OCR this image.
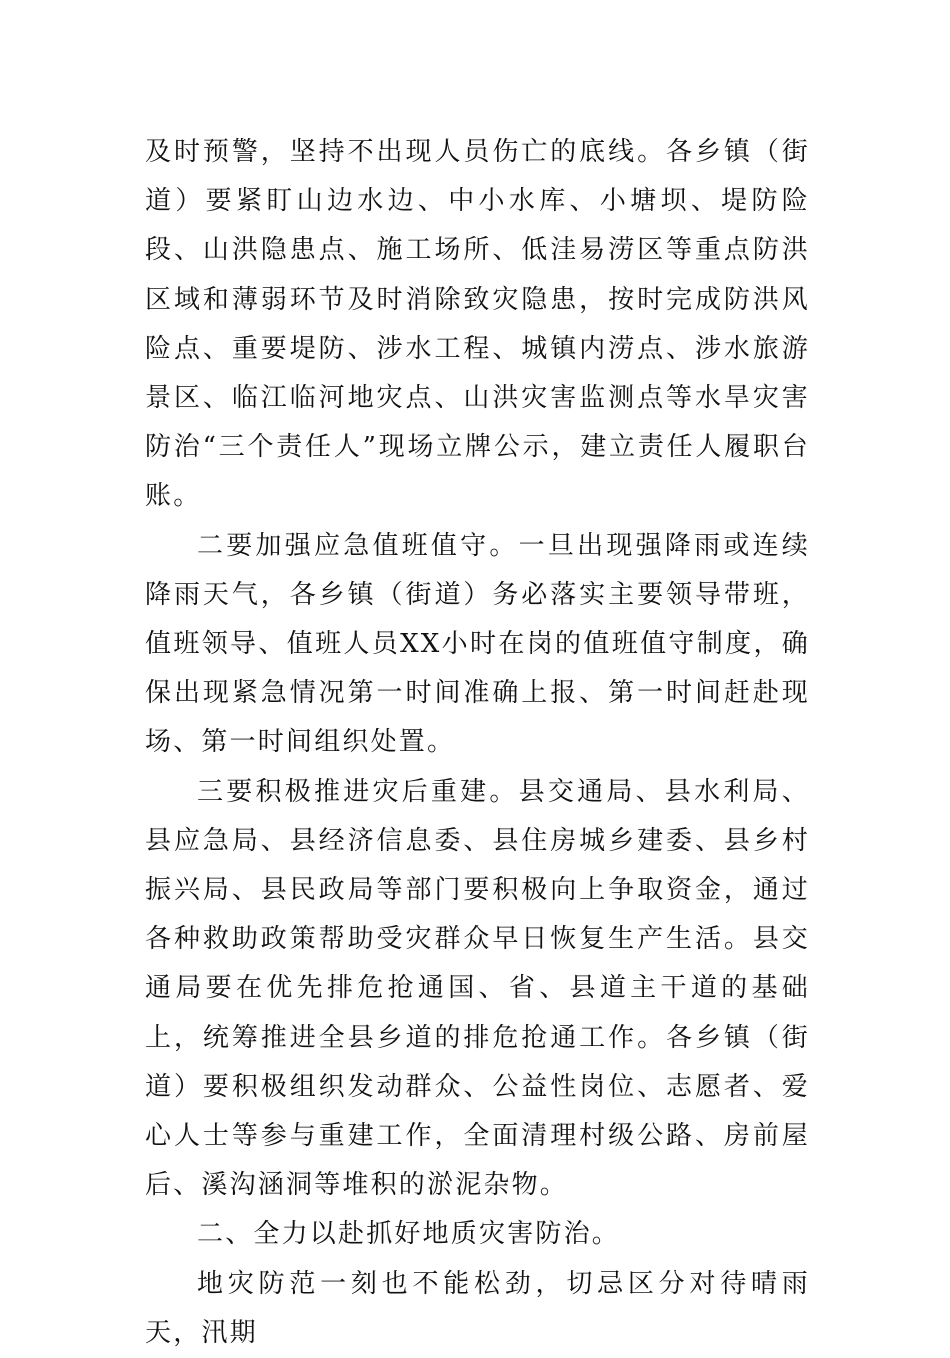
及时预警，坚持不出现人员伤亡的底线。各乡镇（街道）要紧盯山边水边、中小水库、小塘坝、堤防险段、山洪隐患点、施工场所、低洼易涝区等重点防洪区域和薄弱环节及时消除致灾隐患，按时完成防洪风险点、重要堤防、涉水工程、城镇内涝点、涉水旅游景区、临江临河地灾点、山洪灾害监测点等水旱灾害防治“三个责任人”现场立牌公示，建立责任人履职台账。

二要加强应急值班值守。一旦出现强降雨或连续降雨天气，各乡镇（街道）务必落实主要领导带班，值班领导、值班人员XX小时在岗的值班值守制度，确保出现紧急情况第一时间准确上报、第一时间赶赴现场、第一时间组织处置。

三要积极推进灾后重建。县交通局、县水利局、县应急局、县经济信息委、县住房城乡建委、县乡村振兴局、县民政局等部门要积极向上争取资金，通过各种救助政策帮助受灾群众早日恢复生产生活。县交通局要在优先排危抢通国、省、县道主干道的基础上，统筹推进全县乡道的排危抢通工作。各乡镇（街道）要积极组织发动群众、公益性岗位、志愿者、爱心人士等参与重建工作，全面清理村级公路、房前屋后、溪沟涵洞等堆积的淤泥杂物。

二、全力以赴抓好地质灾害防治。

地灾防范一刻也不能松劲，切忌区分对待晴雨天，汛期
